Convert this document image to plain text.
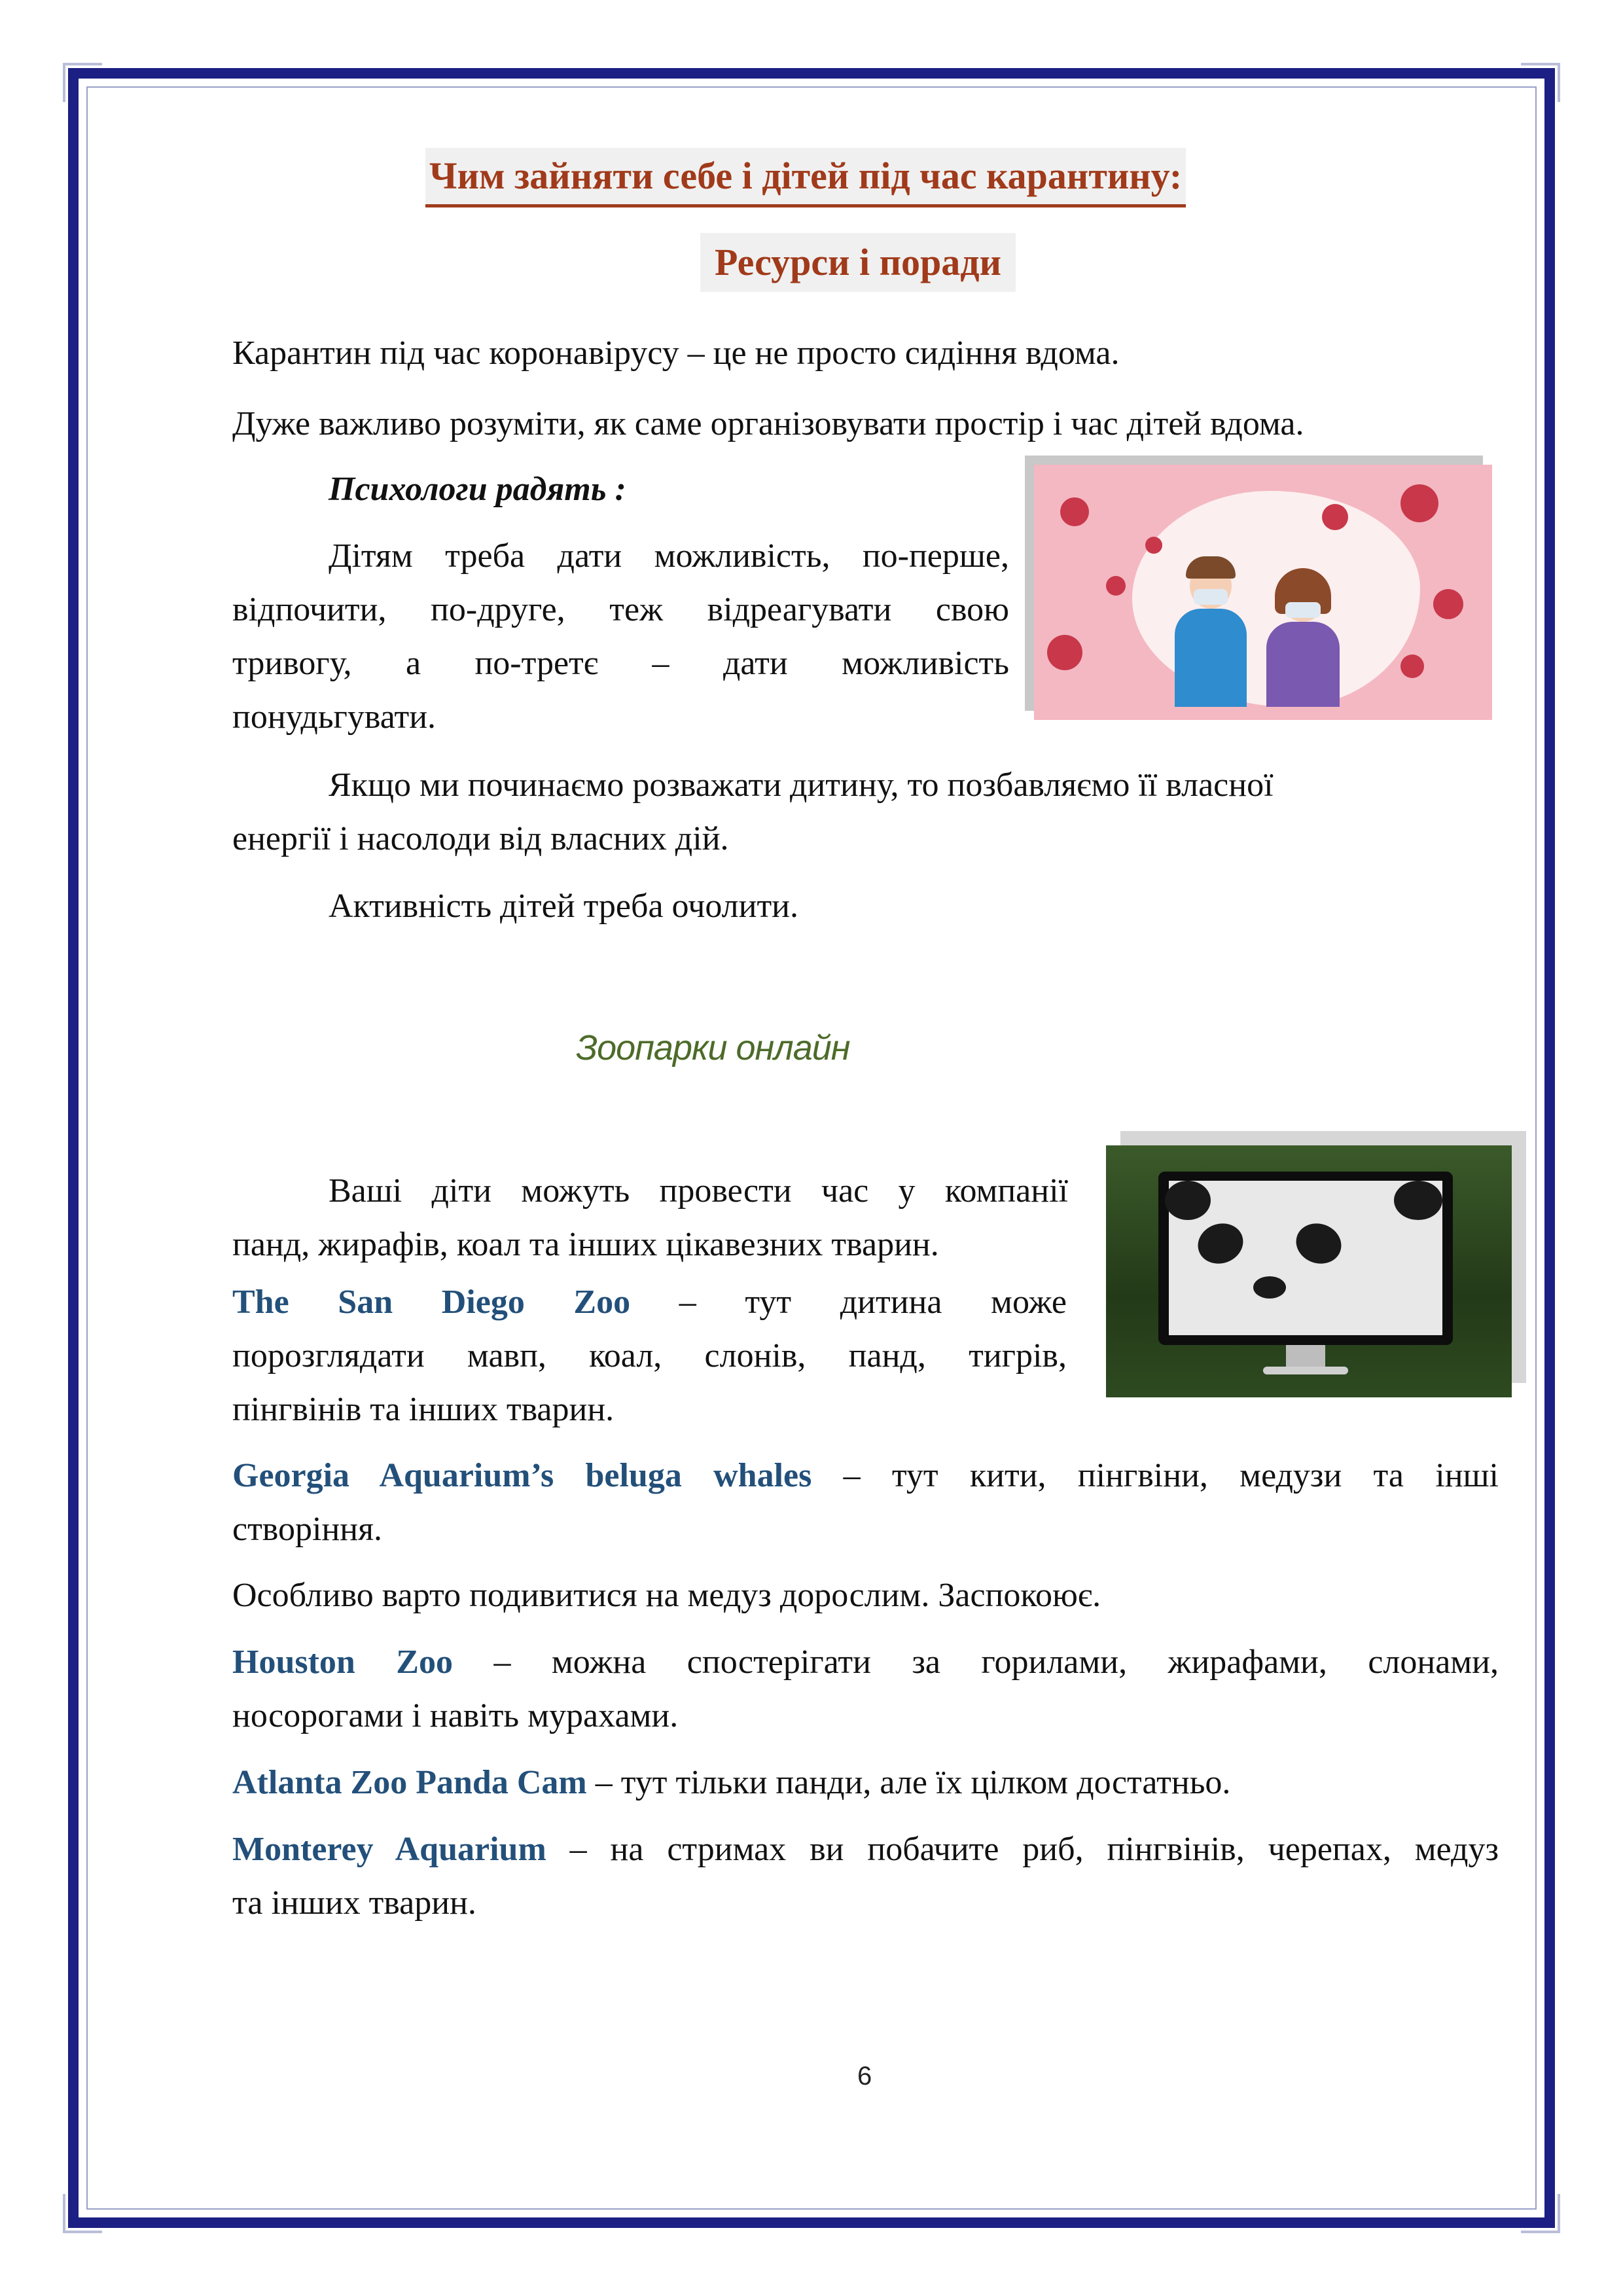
Чим зайняти себе і дітей під час карантину:
Ресурси і поради
Карантин під час коронавірусу – це не просто сидіння вдома.
Дуже важливо розуміти, як саме організовувати простір і час дітей вдома.
Психологи радять :
Дітям треба дати можливість, по-перше,
відпочити, по-друге, теж відреагувати свою
тривогу, а по-третє – дати можливість
понудьгувати.
Якщо ми починаємо розважати дитину, то позбавляємо її власної
енергії і насолоди від власних дій.
Активність дітей треба очолити.
Зоопарки онлайн
Ваші діти можуть провести час у компанії
панд, жирафів, коал та інших цікавезних тварин.
The San Diego Zoo – тут дитина може
порозглядати мавп, коал, слонів, панд, тигрів,
пінгвінів та інших тварин.
Georgia Aquarium’s beluga whales – тут кити, пінгвіни, медузи та інші
створіння.
Особливо варто подивитися на медуз дорослим. Заспокоює.
Houston Zoo – можна спостерігати за горилами, жирафами, слонами,
носорогами і навіть мурахами.
Atlanta Zoo Panda Cam – тут тільки панди, але їх цілком достатньо.
Monterey Aquarium – на стримах ви побачите риб, пінгвінів, черепах, медуз
та інших тварин.
6
